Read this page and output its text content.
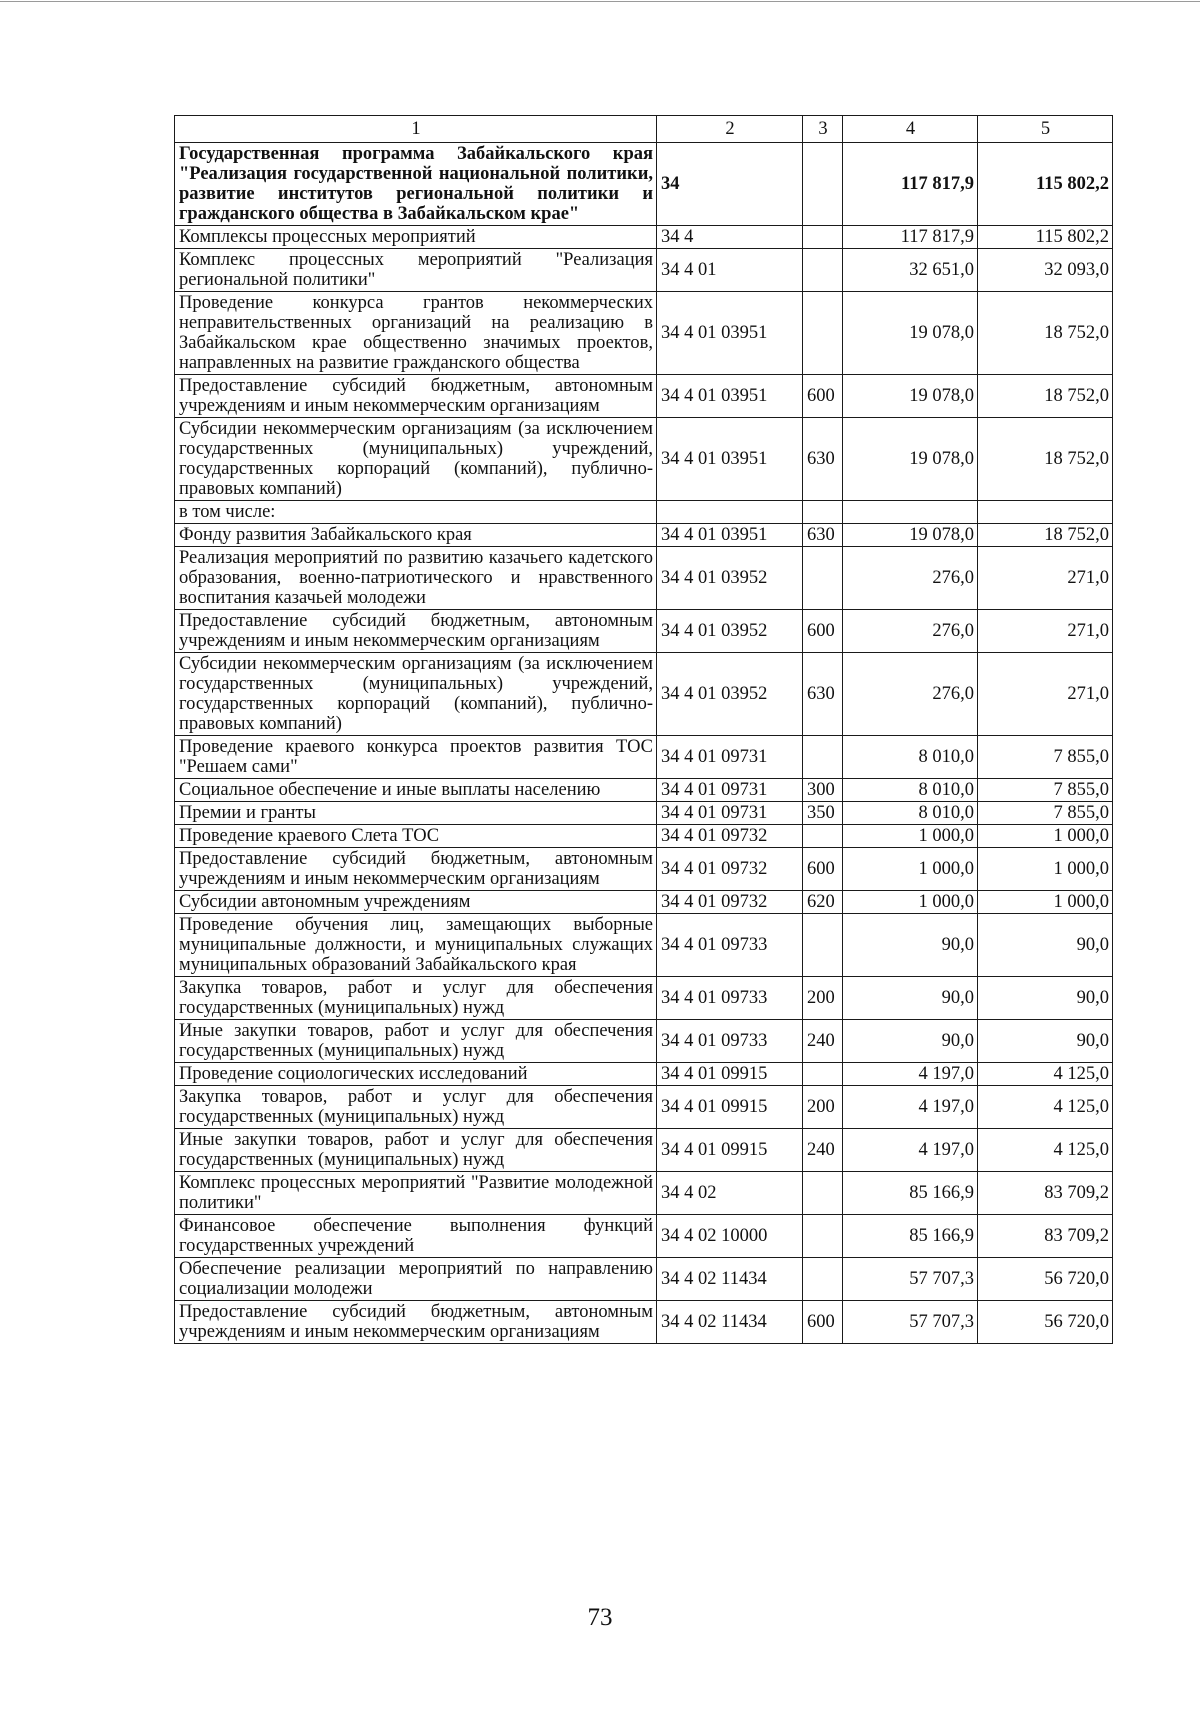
1	2	3	4	5
Государственная программа Забайкальского края "Реализация государственной национальной политики, развитие институтов региональной политики и гражданского общества в Забайкальском крае"	34		117 817,9	115 802,2
Комплексы процессных мероприятий	34 4		117 817,9	115 802,2
Комплекс процессных мероприятий "Реализация региональной политики"	34 4 01		32 651,0	32 093,0
Проведение конкурса грантов некоммерческих неправительственных организаций на реализацию в Забайкальском крае общественно значимых проектов, направленных на развитие гражданского общества	34 4 01 03951		19 078,0	18 752,0
Предоставление субсидий бюджетным, автономным учреждениям и иным некоммерческим организациям	34 4 01 03951	600	19 078,0	18 752,0
Субсидии некоммерческим организациям (за исключением государственных (муниципальных) учреждений, государственных корпораций (компаний), публично-правовых компаний)	34 4 01 03951	630	19 078,0	18 752,0
в том числе:				
Фонду развития Забайкальского края	34 4 01 03951	630	19 078,0	18 752,0
Реализация мероприятий по развитию казачьего кадетского образования, военно-патриотического и нравственного воспитания казачьей молодежи	34 4 01 03952		276,0	271,0
Предоставление субсидий бюджетным, автономным учреждениям и иным некоммерческим организациям	34 4 01 03952	600	276,0	271,0
Субсидии некоммерческим организациям (за исключением государственных (муниципальных) учреждений, государственных корпораций (компаний), публично-правовых компаний)	34 4 01 03952	630	276,0	271,0
Проведение краевого конкурса проектов развития ТОС "Решаем сами"	34 4 01 09731		8 010,0	7 855,0
Социальное обеспечение и иные выплаты населению	34 4 01 09731	300	8 010,0	7 855,0
Премии и гранты	34 4 01 09731	350	8 010,0	7 855,0
Проведение краевого Слета ТОС	34 4 01 09732		1 000,0	1 000,0
Предоставление субсидий бюджетным, автономным учреждениям и иным некоммерческим организациям	34 4 01 09732	600	1 000,0	1 000,0
Субсидии автономным учреждениям	34 4 01 09732	620	1 000,0	1 000,0
Проведение обучения лиц, замещающих выборные муниципальные должности, и муниципальных служащих муниципальных образований Забайкальского края	34 4 01 09733		90,0	90,0
Закупка товаров, работ и услуг для обеспечения государственных (муниципальных) нужд	34 4 01 09733	200	90,0	90,0
Иные закупки товаров, работ и услуг для обеспечения государственных (муниципальных) нужд	34 4 01 09733	240	90,0	90,0
Проведение социологических исследований	34 4 01 09915		4 197,0	4 125,0
Закупка товаров, работ и услуг для обеспечения государственных (муниципальных) нужд	34 4 01 09915	200	4 197,0	4 125,0
Иные закупки товаров, работ и услуг для обеспечения государственных (муниципальных) нужд	34 4 01 09915	240	4 197,0	4 125,0
Комплекс процессных мероприятий "Развитие молодежной политики"	34 4 02		85 166,9	83 709,2
Финансовое обеспечение выполнения функций государственных учреждений	34 4 02 10000		85 166,9	83 709,2
Обеспечение реализации мероприятий по направлению социализации молодежи	34 4 02 11434		57 707,3	56 720,0
Предоставление субсидий бюджетным, автономным учреждениям и иным некоммерческим организациям	34 4 02 11434	600	57 707,3	56 720,0
73
